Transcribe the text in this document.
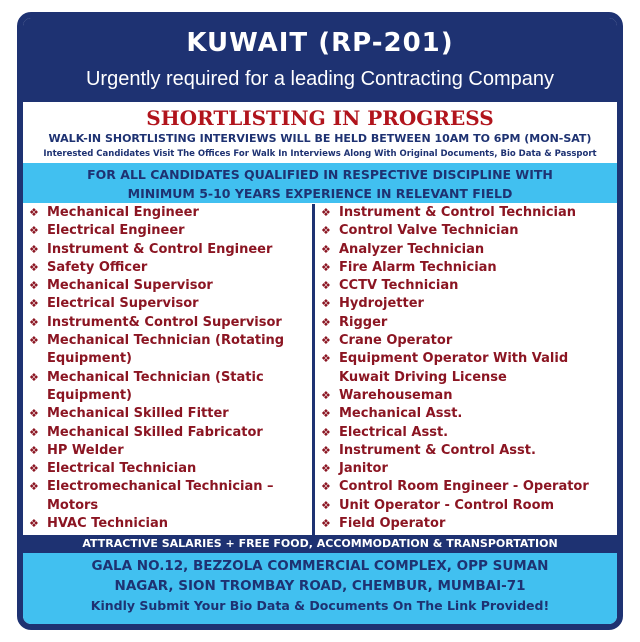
KUWAIT (RP-201)
Urgently required for a leading Contracting Company
SHORTLISTING IN PROGRESS
WALK-IN SHORTLISTING INTERVIEWS WILL BE HELD BETWEEN 10AM TO 6PM (MON-SAT)
Interested Candidates Visit The Offices For Walk In Interviews Along With Original Documents, Bio Data & Passport
FOR ALL CANDIDATES QUALIFIED IN RESPECTIVE DISCIPLINE WITH
MINIMUM 5-10 YEARS EXPERIENCE IN RELEVANT FIELD
❖ Mechanical Engineer
❖ Electrical Engineer
❖ Instrument & Control Engineer
❖ Safety Officer
❖ Mechanical Supervisor
❖ Electrical Supervisor
❖ Instrument& Control Supervisor
❖ Mechanical Technician (Rotating Equipment)
❖ Mechanical Technician (Static Equipment)
❖ Mechanical Skilled Fitter
❖ Mechanical Skilled Fabricator
❖ HP Welder
❖ Electrical Technician
❖ Electromechanical Technician – Motors
❖ HVAC Technician
❖ Instrument & Control Technician
❖ Control Valve Technician
❖ Analyzer Technician
❖ Fire Alarm Technician
❖ CCTV Technician
❖ Hydrojetter
❖ Rigger
❖ Crane Operator
❖ Equipment Operator With Valid Kuwait Driving License
❖ Warehouseman
❖ Mechanical Asst.
❖ Electrical Asst.
❖ Instrument & Control Asst.
❖ Janitor
❖ Control Room Engineer - Operator
❖ Unit Operator - Control Room
❖ Field Operator
ATTRACTIVE SALARIES + FREE FOOD, ACCOMMODATION & TRANSPORTATION
GALA NO.12, BEZZOLA COMMERCIAL COMPLEX, OPP SUMAN
NAGAR, SION TROMBAY ROAD, CHEMBUR, MUMBAI-71
Kindly Submit Your Bio Data & Documents On The Link Provided!
